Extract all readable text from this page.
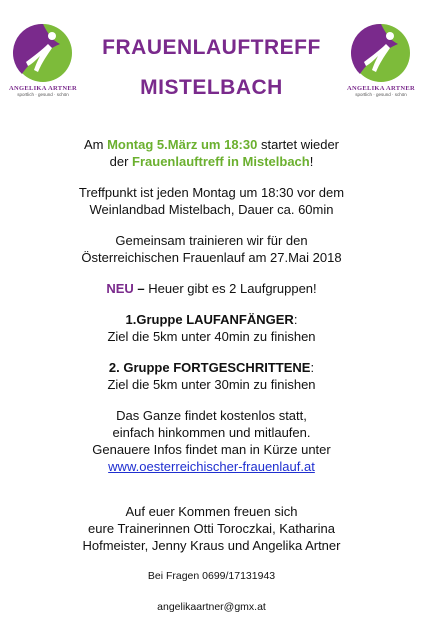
ANGELIKA ARTNER
sportlich · gesund · schön
ANGELIKA ARTNER
sportlich · gesund · schön
FRAUENLAUFTREFF
MISTELBACH

Am Montag 5.März um 18:30 startet wieder
der Frauenlauftreff in Mistelbach!

Treffpunkt ist jeden Montag um 18:30 vor dem
Weinlandbad Mistelbach, Dauer ca. 60min

Gemeinsam trainieren wir für den
Österreichischen Frauenlauf am 27.Mai 2018

NEU – Heuer gibt es 2 Laufgruppen!

1.Gruppe LAUFANFÄNGER:
Ziel die 5km unter 40min zu finishen

2. Gruppe FORTGESCHRITTENE:
Ziel die 5km unter 30min zu finishen

Das Ganze findet kostenlos statt,
einfach hinkommen und mitlaufen.
Genauere Infos findet man in Kürze unter
www.oesterreichischer-frauenlauf.at

Auf euer Kommen freuen sich
eure Trainerinnen Otti Toroczkai, Katharina
Hofmeister, Jenny Kraus und Angelika Artner

Bei Fragen 0699/17131943

angelikaartner@gmx.at
